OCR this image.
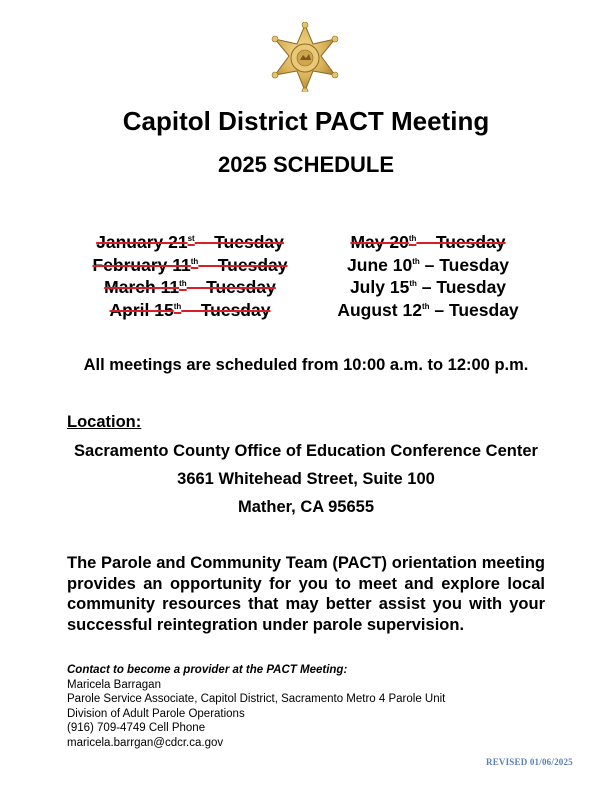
Capitol District PACT Meeting
2025 SCHEDULE
January 21st – Tuesday
February 11th – Tuesday
March 11th – Tuesday
April 15th – Tuesday
May 20th – Tuesday
June 10th – Tuesday
July 15th – Tuesday
August 12th – Tuesday
All meetings are scheduled from 10:00 a.m. to 12:00 p.m.
Location:
Sacramento County Office of Education Conference Center
3661 Whitehead Street, Suite 100
Mather, CA 95655
The Parole and Community Team (PACT) orientation meeting provides an opportunity for you to meet and explore local community resources that may better assist you with your successful reintegration under parole supervision.
Contact to become a provider at the PACT Meeting:
Maricela Barragan
Parole Service Associate, Capitol District, Sacramento Metro 4 Parole Unit
Division of Adult Parole Operations
(916) 709-4749 Cell Phone
maricela.barrgan@cdcr.ca.gov
REVISED 01/06/2025
